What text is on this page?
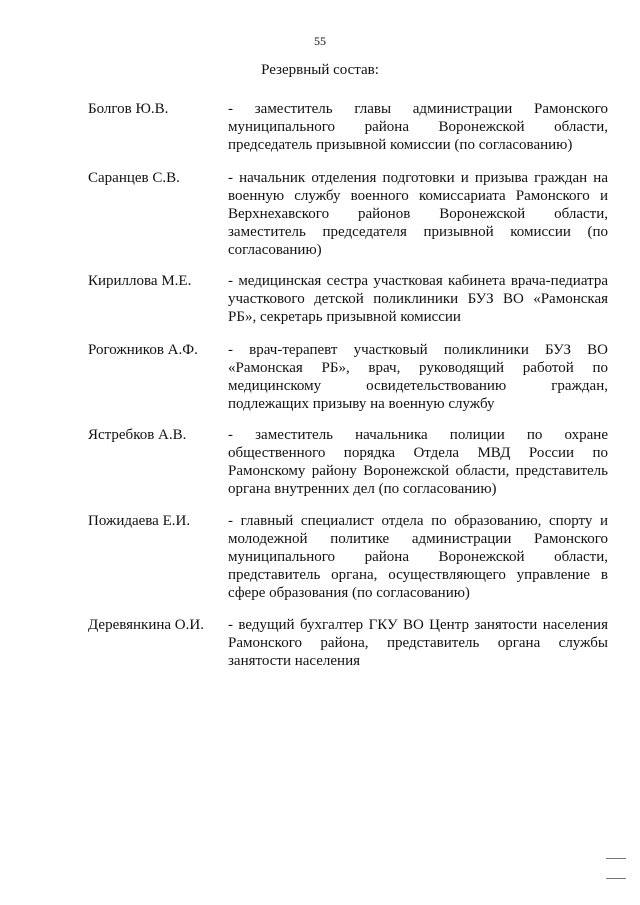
55
Резервный состав:
Болгов Ю.В.	- заместитель главы администрации Рамонского муниципального района Воронежской области, председатель призывной комиссии (по согласованию)
Саранцев С.В.	- начальник отделения подготовки и призыва граждан на военную службу военного комиссариата Рамонского и Верхнехавского районов Воронежской области, заместитель председателя призывной комиссии (по согласованию)
Кириллова М.Е.	- медицинская сестра участковая кабинета врача-педиатра участкового детской поликлиники БУЗ ВО «Рамонская РБ», секретарь призывной комиссии
Рогожников А.Ф.	- врач-терапевт участковый поликлиники БУЗ ВО «Рамонская РБ», врач, руководящий работой по медицинскому освидетельствованию граждан, подлежащих призыву на военную службу
Ястребков А.В.	- заместитель начальника полиции по охране общественного порядка Отдела МВД России по Рамонскому району Воронежской области, представитель органа внутренних дел (по согласованию)
Пожидаева Е.И.	- главный специалист отдела по образованию, спорту и молодежной политике администрации Рамонского муниципального района Воронежской области, представитель органа, осуществляющего управление в сфере образования (по согласованию)
Деревянкина О.И.	- ведущий бухгалтер ГКУ ВО Центр занятости населения Рамонского района, представитель органа службы занятости населения
